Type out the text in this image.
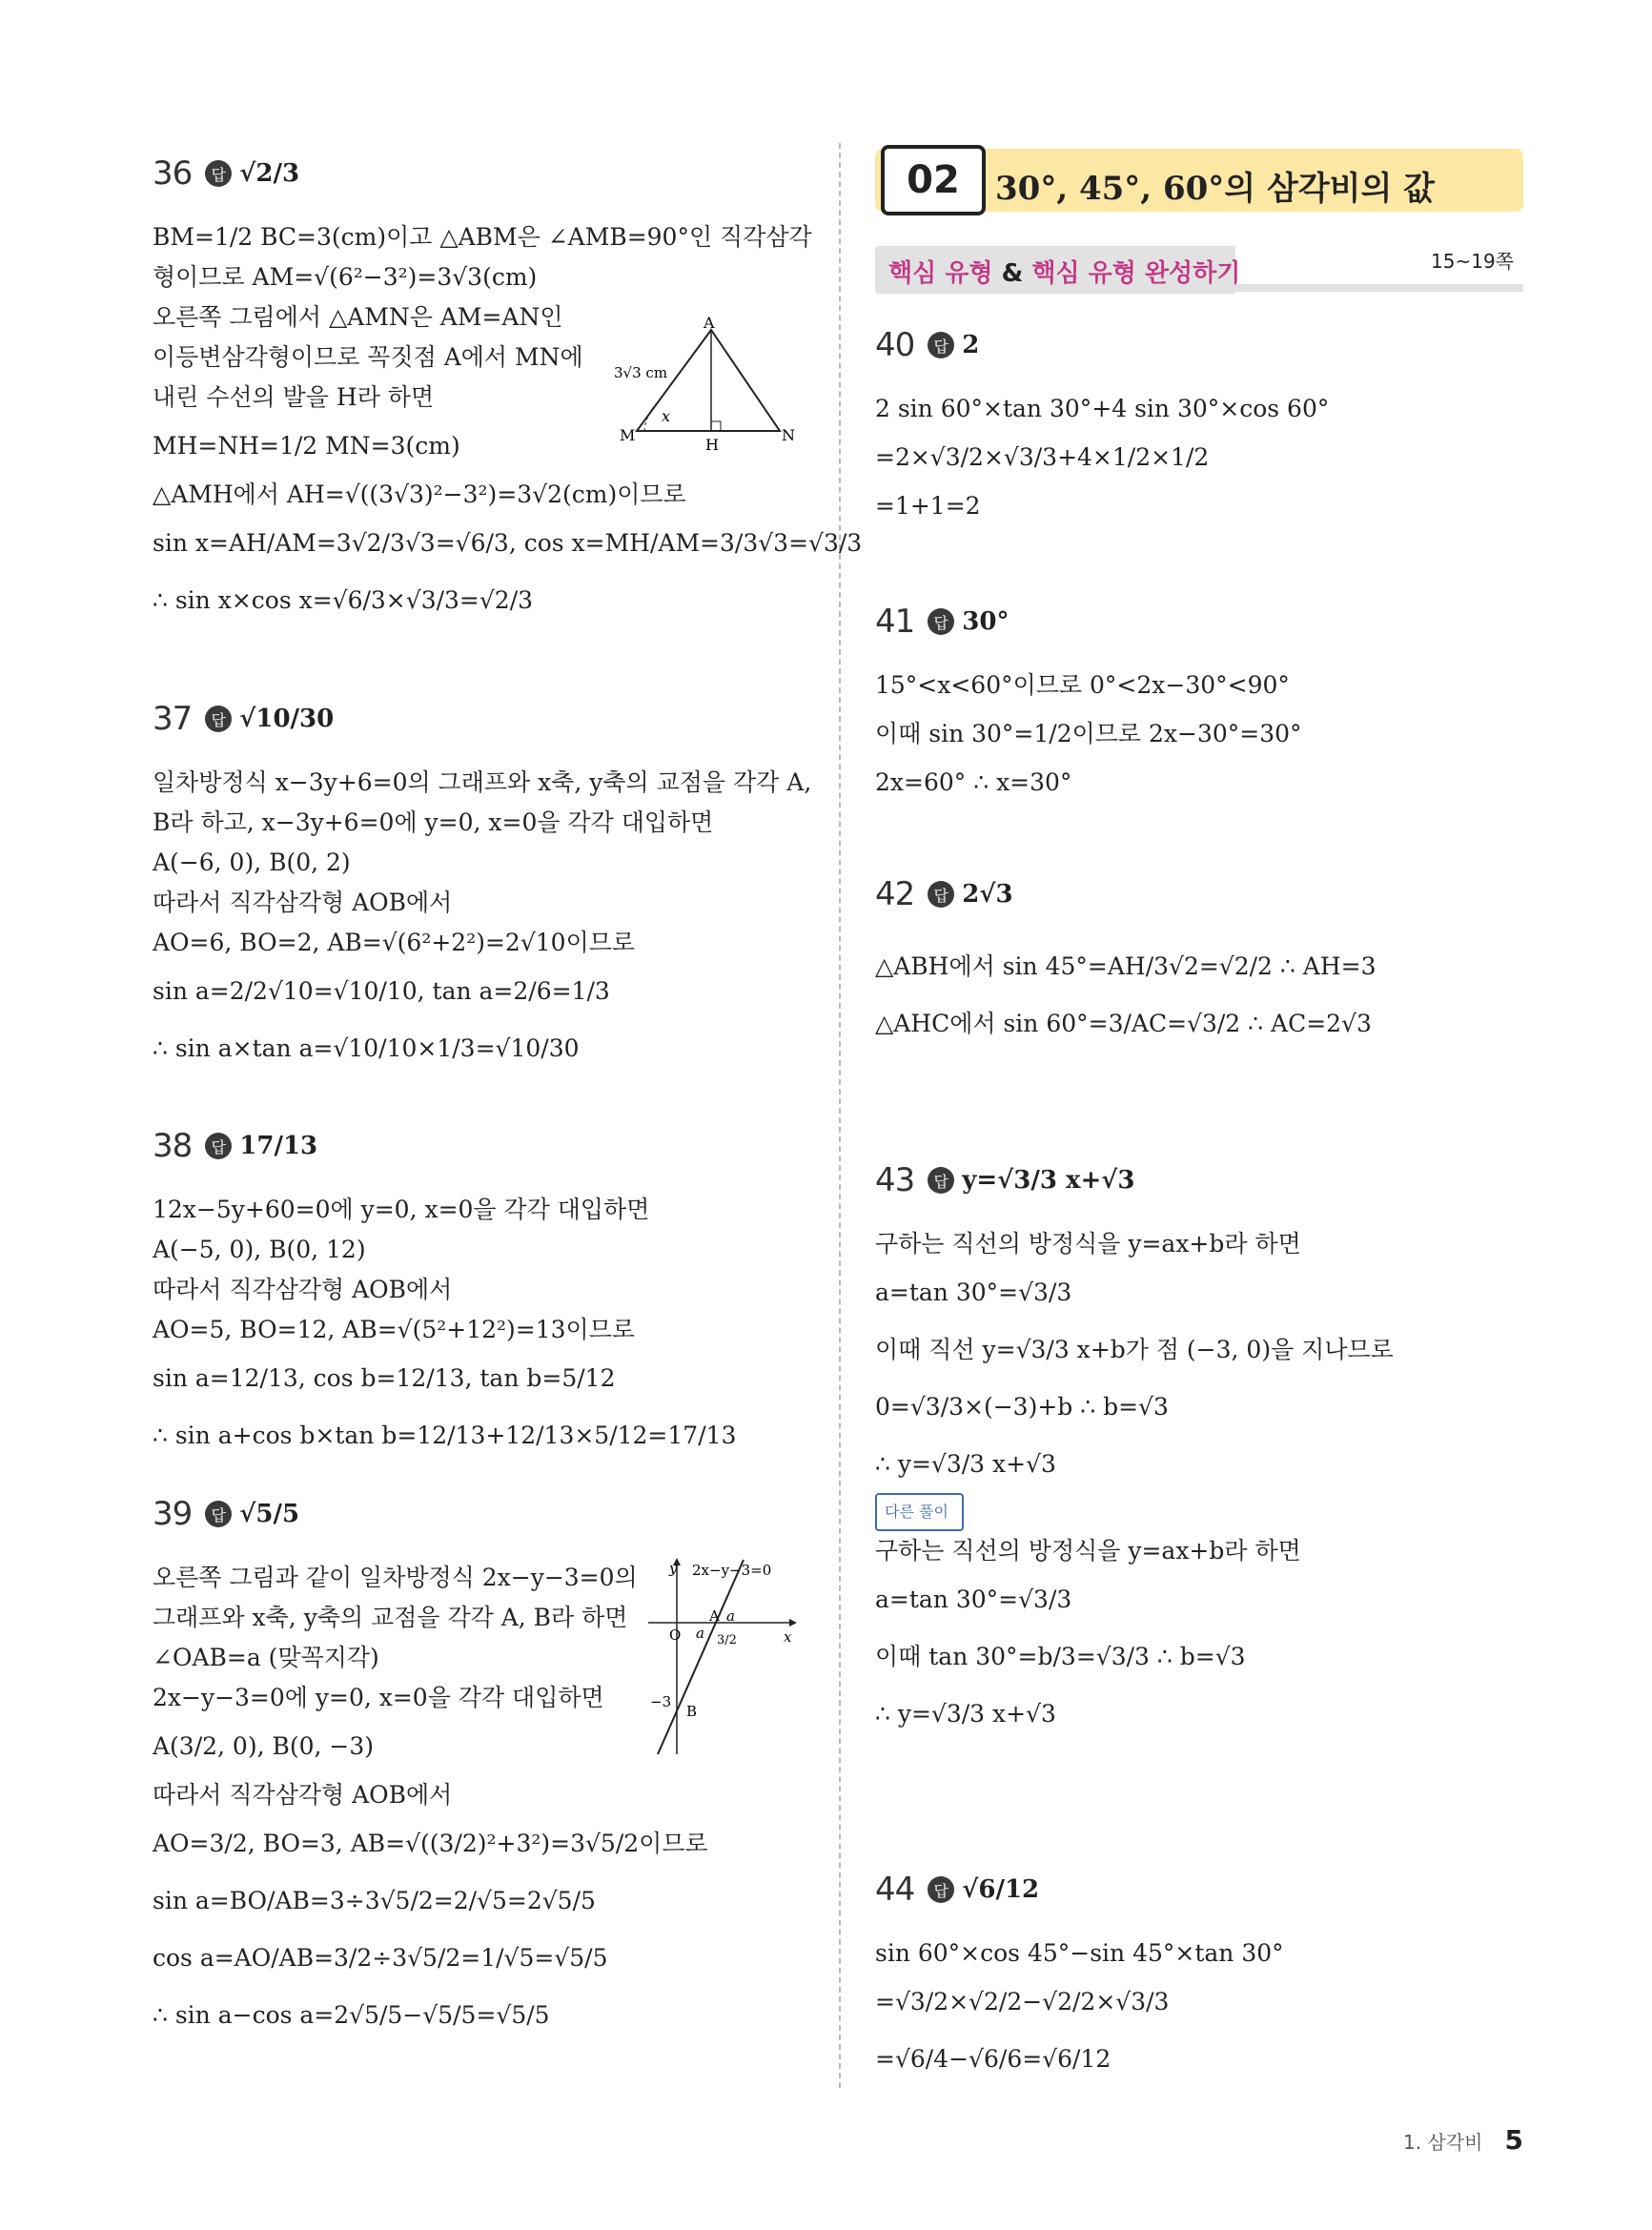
36	답 √2/3
BM=1/2 BC=3(cm)이고 △ABM은 ∠AMB=90°인 직각삼각
형이므로 AM=√(6²−3²)=3√3(cm)
오른쪽 그림에서 △AMN은 AM=AN인
이등변삼각형이므로 꼭짓점 A에서 MN에
내린 수선의 발을 H라 하면
MH=NH=1/2 MN=3(cm)
△AMH에서 AH=√((3√3)²−3²)=3√2(cm)이므로
sin x=AH/AM=3√2/3√3=√6/3, cos x=MH/AM=3/3√3=√3/3
∴ sin x×cos x=√6/3×√3/3=√2/3
A
M	N
H
x
3√3 cm
37	답 √10/30
일차방정식 x−3y+6=0의 그래프와 x축, y축의 교점을 각각 A,
B라 하고, x−3y+6=0에 y=0, x=0을 각각 대입하면
A(−6, 0), B(0, 2)
따라서 직각삼각형 AOB에서
AO=6, BO=2, AB=√(6²+2²)=2√10이므로
sin a=2/2√10=√10/10, tan a=2/6=1/3
∴ sin a×tan a=√10/10×1/3=√10/30
38	답 17/13
12x−5y+60=0에 y=0, x=0을 각각 대입하면
A(−5, 0), B(0, 12)
따라서 직각삼각형 AOB에서
AO=5, BO=12, AB=√(5²+12²)=13이므로
sin a=12/13, cos b=12/13, tan b=5/12
∴ sin a+cos b×tan b=12/13+12/13×5/12=17/13
39	답 √5/5
오른쪽 그림과 같이 일차방정식 2x−y−3=0의
그래프와 x축, y축의 교점을 각각 A, B라 하면
∠OAB=a (맞꼭지각)
2x−y−3=0에 y=0, x=0을 각각 대입하면
A(3/2, 0), B(0, −3)
따라서 직각삼각형 AOB에서
AO=3/2, BO=3, AB=√((3/2)²+3²)=3√5/2이므로
sin a=BO/AB=3÷3√5/2=2/√5=2√5/5
cos a=AO/AB=3/2÷3√5/2=1/√5=√5/5
∴ sin a−cos a=2√5/5−√5/5=√5/5
y
x
2x−y−3=0
O
A a
a 3/2
−3
B
02	30°, 45°, 60°의 삼각비의 값
핵심 유형 & 핵심 유형 완성하기	15~19쪽
40	답 2
2 sin 60°×tan 30°+4 sin 30°×cos 60°
=2×√3/2×√3/3+4×1/2×1/2
=1+1=2
41	답 30°
15°<x<60°이므로 0°<2x−30°<90°
이때 sin 30°=1/2이므로 2x−30°=30°
2x=60° ∴ x=30°
42	답 2√3
△ABH에서 sin 45°=AH/3√2=√2/2 ∴ AH=3
△AHC에서 sin 60°=3/AC=√3/2 ∴ AC=2√3
43	답 y=√3/3 x+√3
구하는 직선의 방정식을 y=ax+b라 하면
a=tan 30°=√3/3
이때 직선 y=√3/3 x+b가 점 (−3, 0)을 지나므로
0=√3/3×(−3)+b ∴ b=√3
∴ y=√3/3 x+√3
다른 풀이
구하는 직선의 방정식을 y=ax+b라 하면
a=tan 30°=√3/3
이때 tan 30°=b/3=√3/3 ∴ b=√3
∴ y=√3/3 x+√3
44	답 √6/12
sin 60°×cos 45°−sin 45°×tan 30°
=√3/2×√2/2−√2/2×√3/3
=√6/4−√6/6=√6/12
1. 삼각비 5
